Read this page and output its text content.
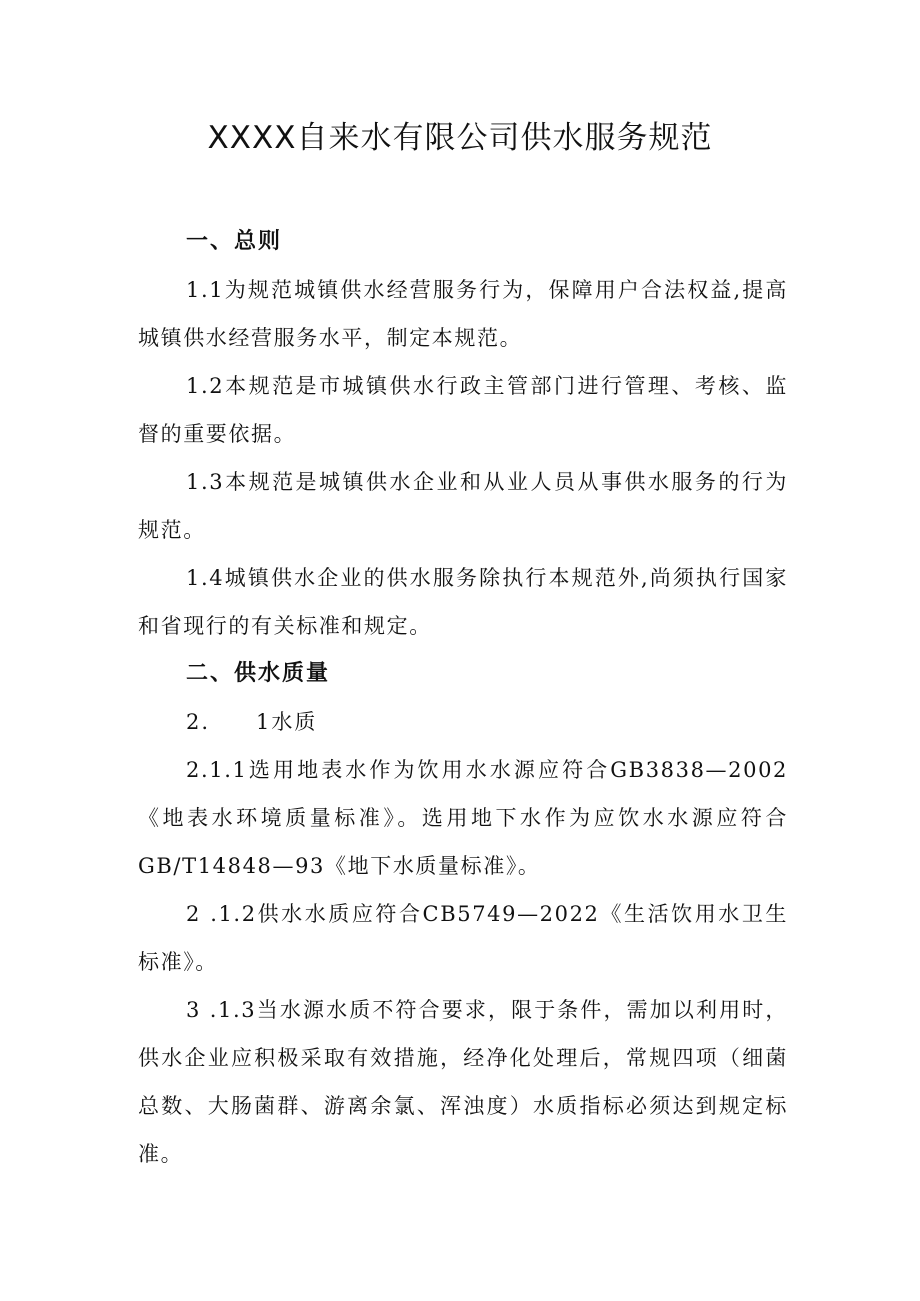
XXXX自来水有限公司供水服务规范
一、总则

1.1为规范城镇供水经营服务行为，保障用户合法权益,提高城镇供水经营服务水平，制定本规范。

1.2本规范是市城镇供水行政主管部门进行管理、考核、监督的重要依据。

1.3本规范是城镇供水企业和从业人员从事供水服务的行为规范。

1.4城镇供水企业的供水服务除执行本规范外,尚须执行国家和省现行的有关标准和规定。

二、供水质量

2.　　1水质

2.1.1选用地表水作为饮用水水源应符合GB3838—2002《地表水环境质量标准》。选用地下水作为应饮水水源应符合GB/T14848—93《地下水质量标准》。

2 .1.2供水水质应符合CB5749—2022《生活饮用水卫生标准》。

3 .1.3当水源水质不符合要求，限于条件，需加以利用时，供水企业应积极采取有效措施，经净化处理后，常规四项（细菌总数、大肠菌群、游离余氯、浑浊度）水质指标必须达到规定标准。
